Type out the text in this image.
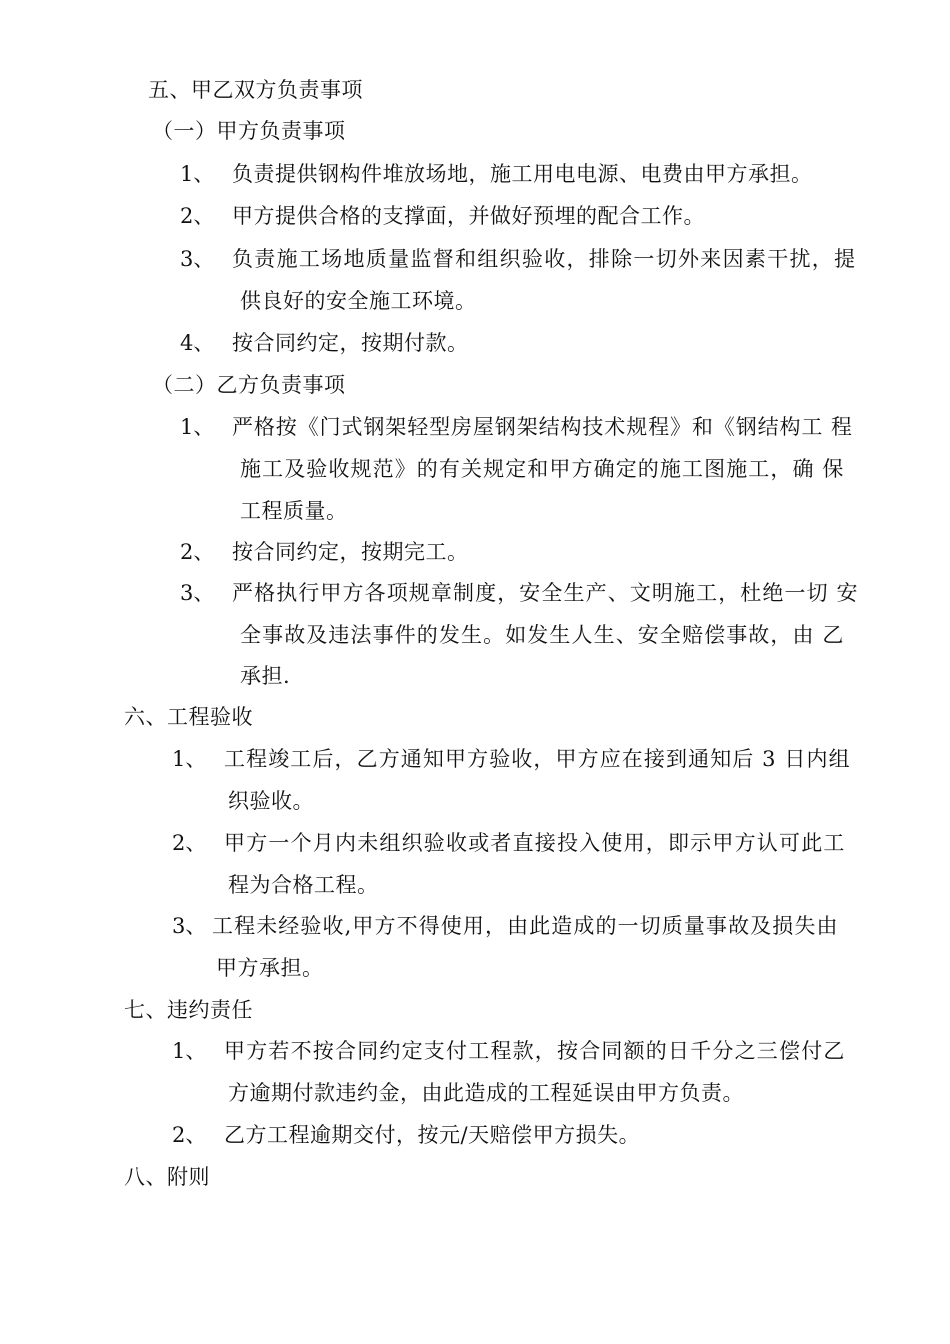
五、甲乙双方负责事项
（一）甲方负责事项
1、 负责提供钢构件堆放场地，施工用电电源、电费由甲方承担。
2、 甲方提供合格的支撑面，并做好预埋的配合工作。
3、 负责施工场地质量监督和组织验收，排除一切外来因素干扰，提
供良好的安全施工环境。
4、 按合同约定，按期付款。
（二）乙方负责事项
1、 严格按《门式钢架轻型房屋钢架结构技术规程》和《钢结构工 程
施工及验收规范》的有关规定和甲方确定的施工图施工，确 保
工程质量。
2、 按合同约定，按期完工。
3、 严格执行甲方各项规章制度，安全生产、文明施工，杜绝一切 安
全事故及违法事件的发生。如发生人生、安全赔偿事故，由 乙
承担.
六、工程验收
1、 工程竣工后，乙方通知甲方验收，甲方应在接到通知后 3 日内组
织验收。
2、 甲方一个月内未组织验收或者直接投入使用，即示甲方认可此工
程为合格工程。
3、 工程未经验收,甲方不得使用，由此造成的一切质量事故及损失由
甲方承担。
七、违约责任
1、 甲方若不按合同约定支付工程款，按合同额的日千分之三偿付乙
方逾期付款违约金，由此造成的工程延误由甲方负责。
2、 乙方工程逾期交付，按元/天赔偿甲方损失。
八、附则
